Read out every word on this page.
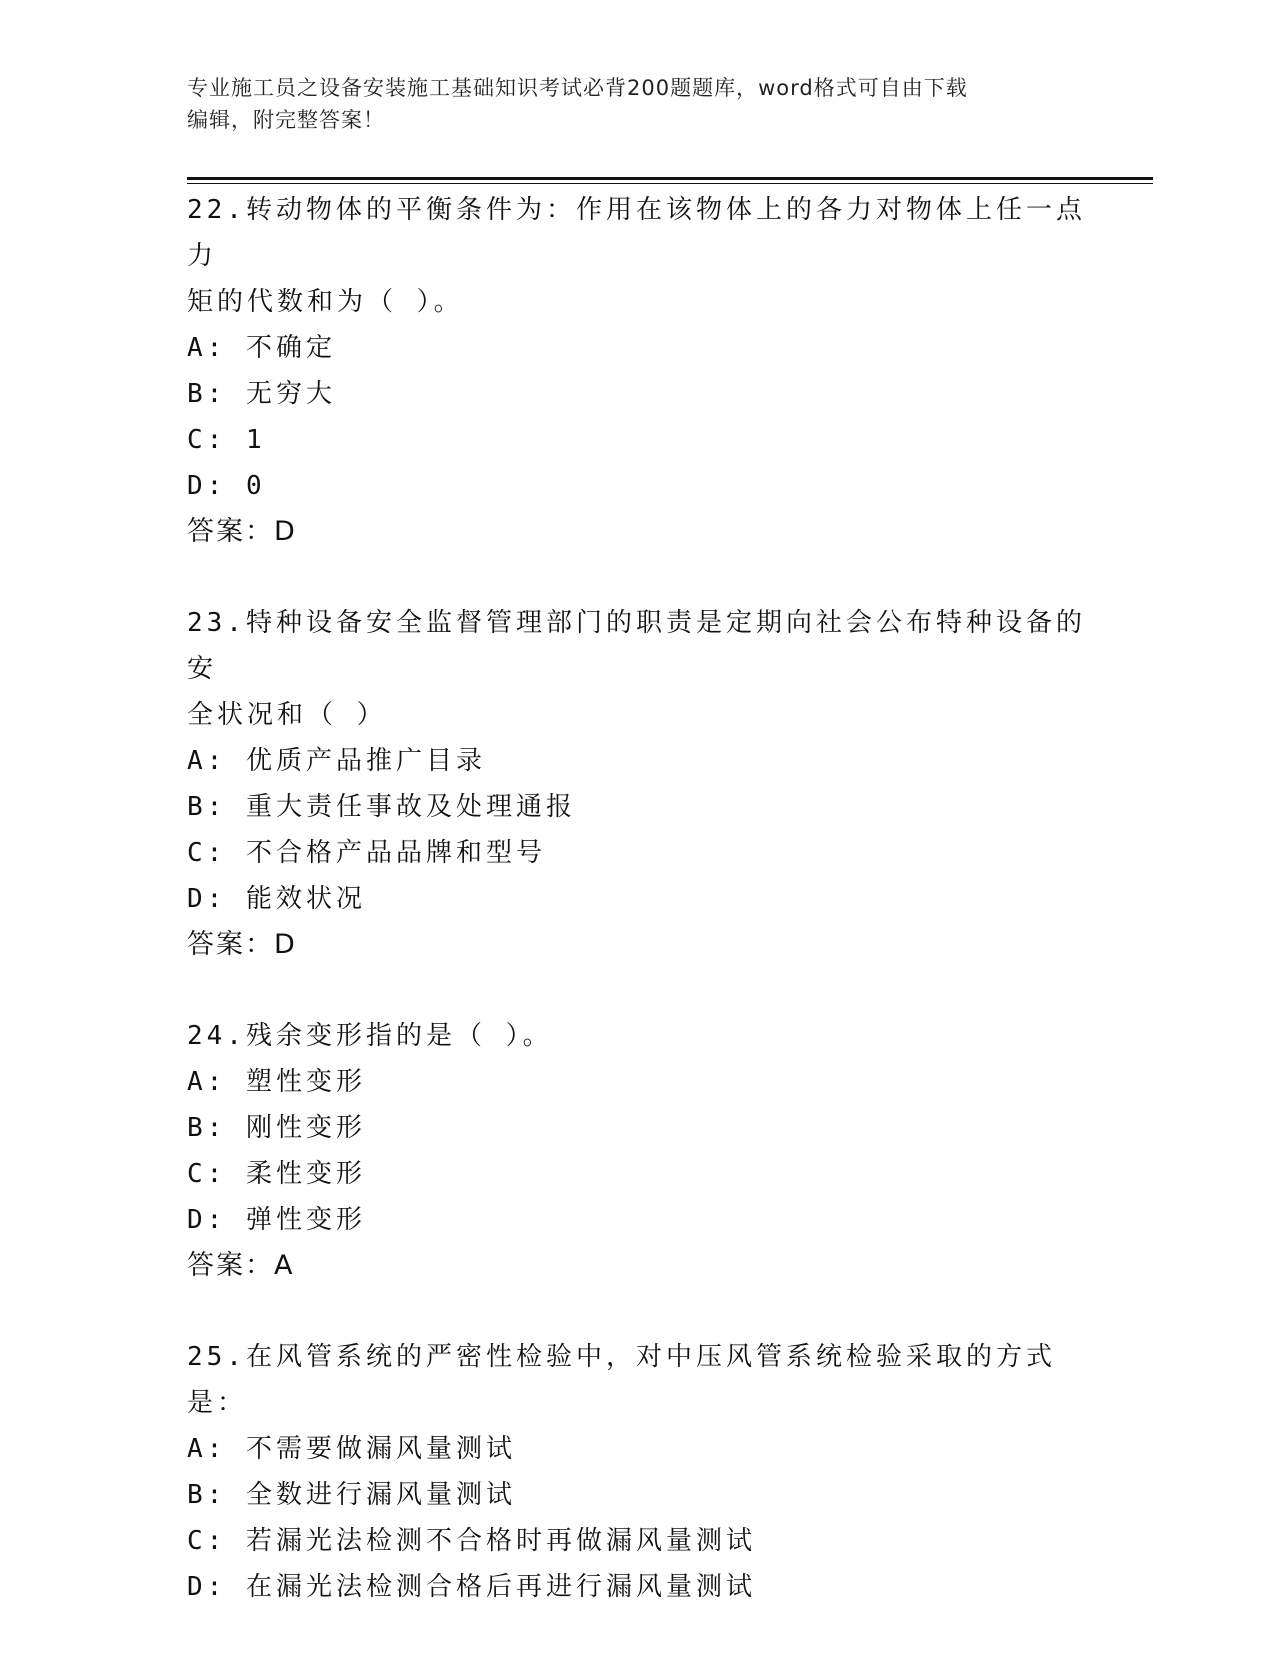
专业施工员之设备安装施工基础知识考试必背200题题库，word格式可自由下载
编辑，附完整答案！

22.转动物体的平衡条件为：作用在该物体上的各力对物体上任一点力

矩的代数和为（ ）。

A: 不确定

B: 无穷大

C: 1

D: 0

答案：D

23.特种设备安全监督管理部门的职责是定期向社会公布特种设备的安

全状况和（ ）

A: 优质产品推广目录

B: 重大责任事故及处理通报

C: 不合格产品品牌和型号

D: 能效状况

答案：D

24.残余变形指的是（ ）。

A: 塑性变形

B: 刚性变形

C: 柔性变形

D: 弹性变形

答案：A

25.在风管系统的严密性检验中，对中压风管系统检验采取的方式是：

A: 不需要做漏风量测试

B: 全数进行漏风量测试

C: 若漏光法检测不合格时再做漏风量测试

D: 在漏光法检测合格后再进行漏风量测试
